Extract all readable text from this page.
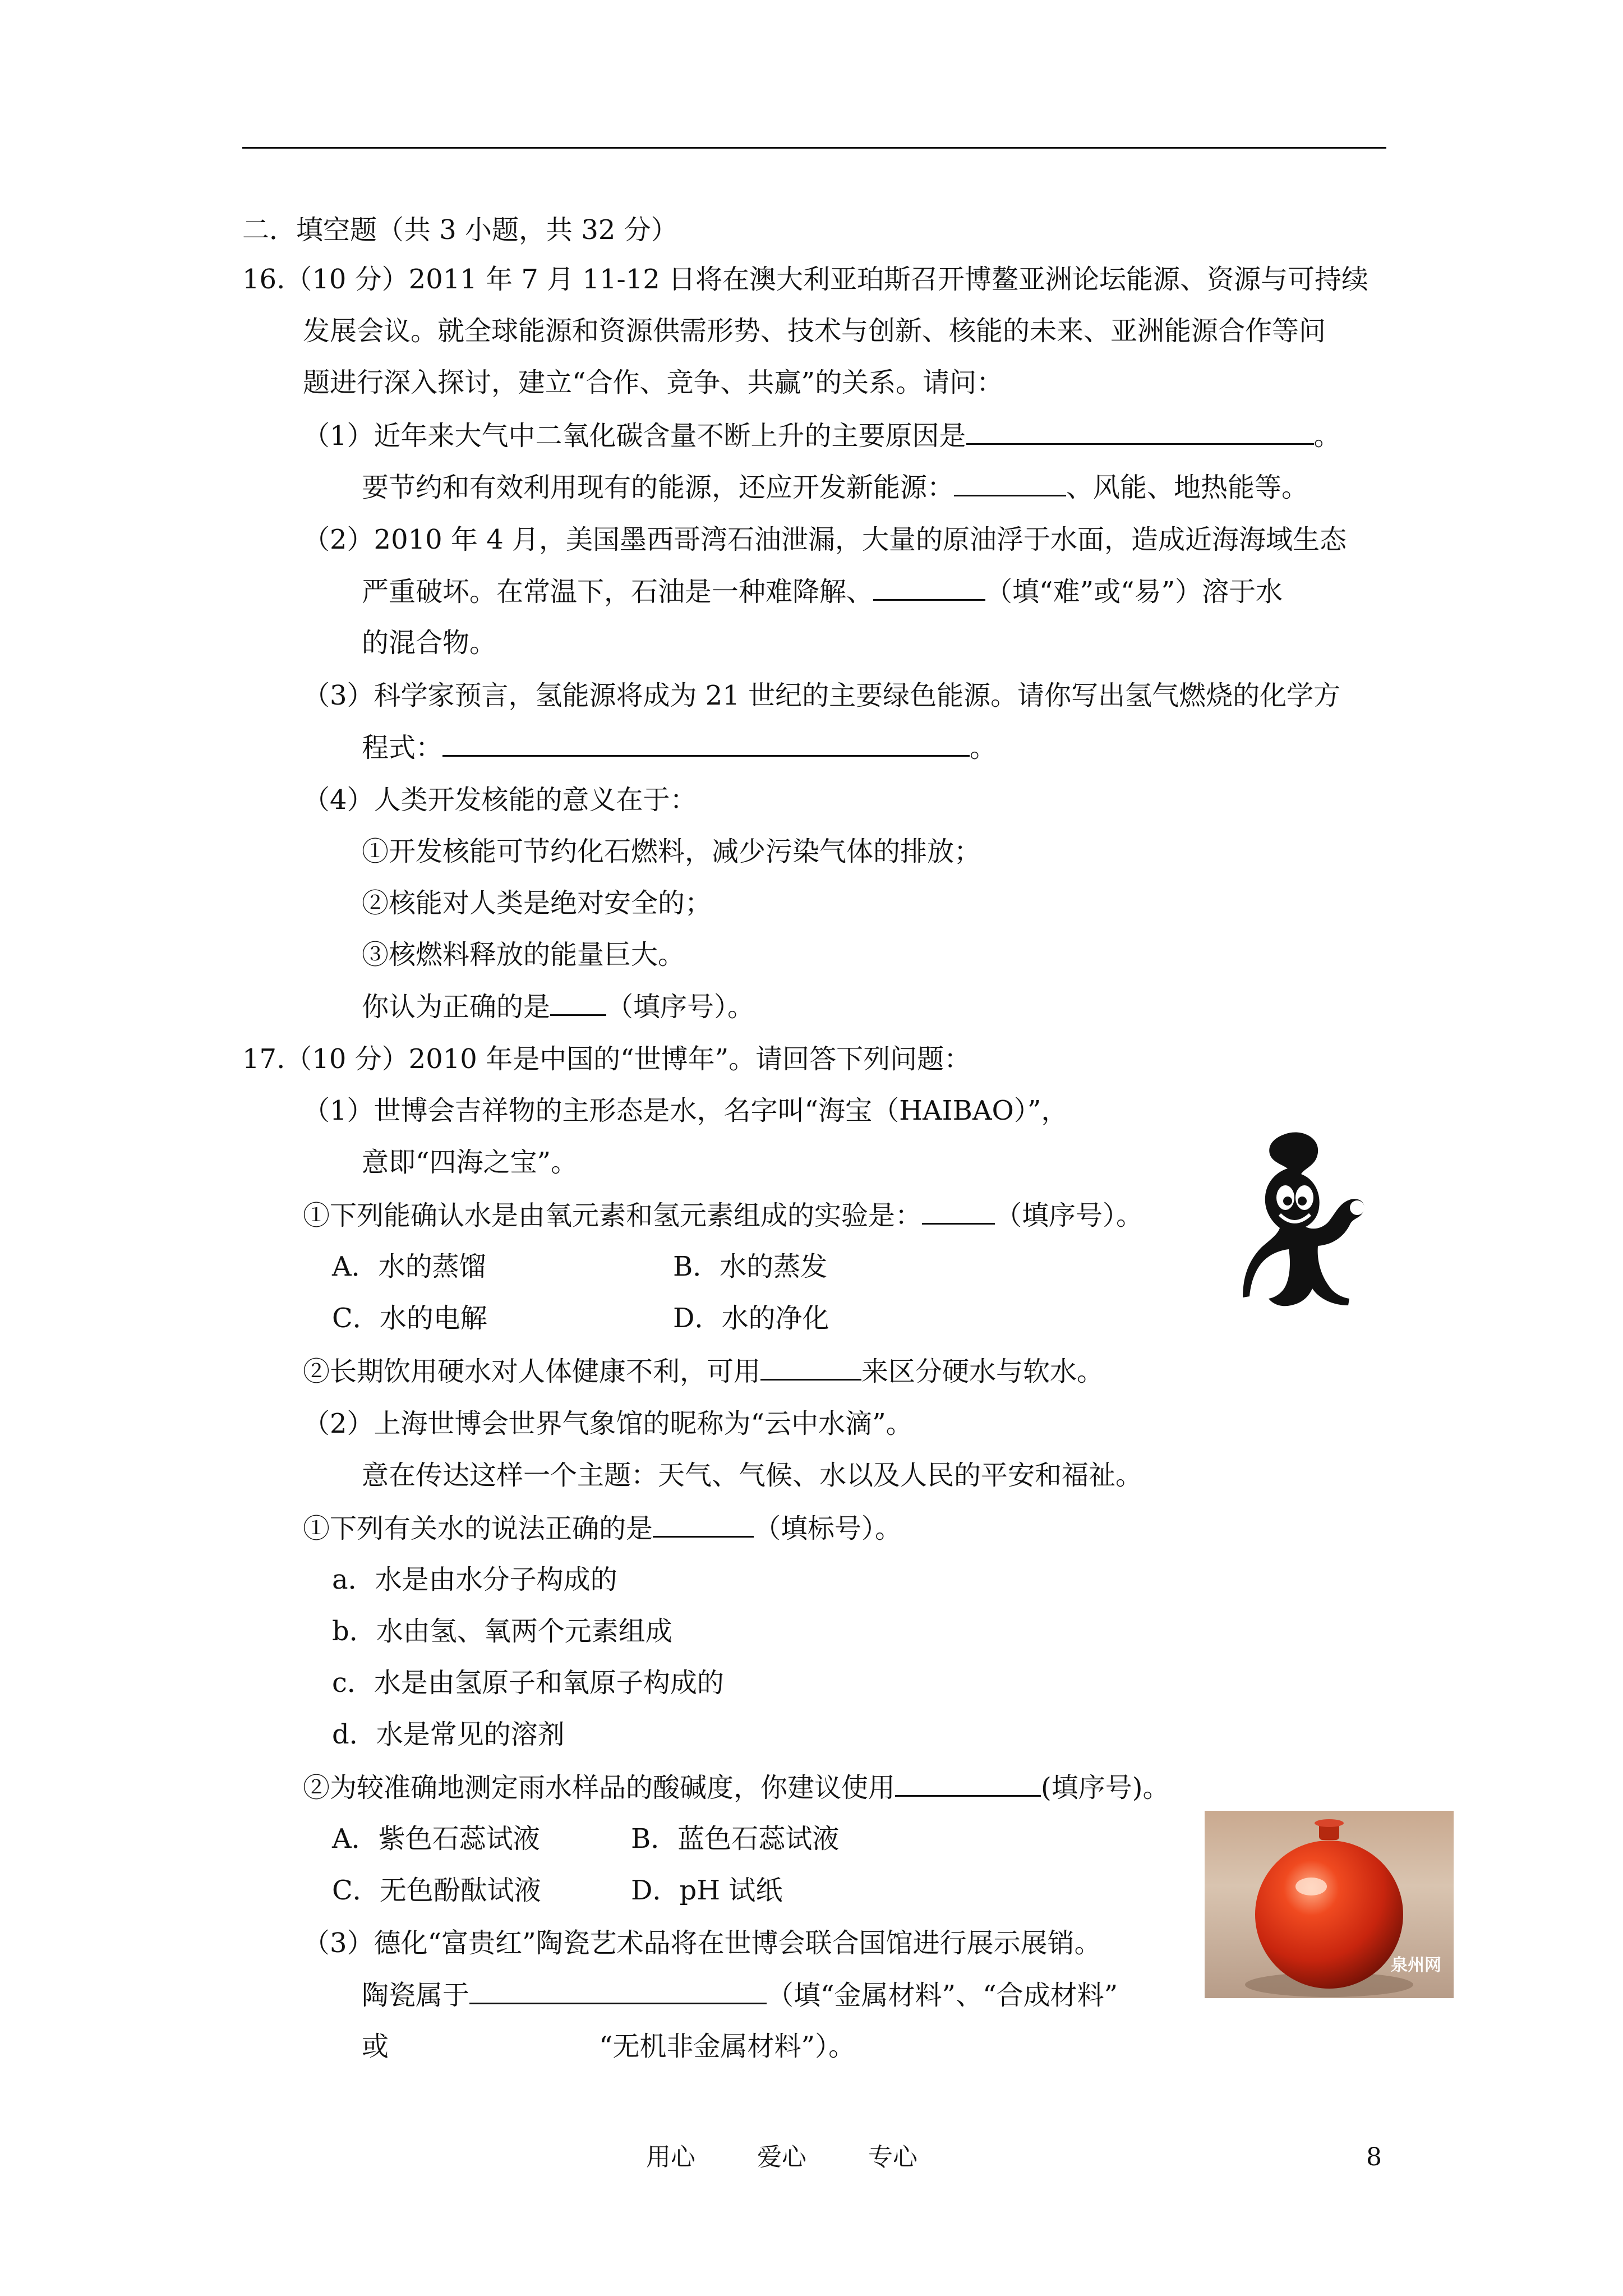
二．填空题（共 3 小题，共 32 分）
16.（10 分）2011 年 7 月 11-12 日将在澳大利亚珀斯召开博鳌亚洲论坛能源、资源与可持续
发展会议。就全球能源和资源供需形势、技术与创新、核能的未来、亚洲能源合作等问
题进行深入探讨，建立“合作、竞争、共赢”的关系。请问：
（1）近年来大气中二氧化碳含量不断上升的主要原因是	。
要节约和有效利用现有的能源，还应开发新能源：	、风能、地热能等。
（2）2010 年 4 月，美国墨西哥湾石油泄漏，大量的原油浮于水面，造成近海海域生态
严重破坏。在常温下，石油是一种难降解、	（填“难”或“易”）溶于水
的混合物。
（3）科学家预言，氢能源将成为 21 世纪的主要绿色能源。请你写出氢气燃烧的化学方
程式：	。
（4）人类开发核能的意义在于：
①开发核能可节约化石燃料，减少污染气体的排放；
②核能对人类是绝对安全的；
③核燃料释放的能量巨大。
你认为正确的是 （填序号）。
17.（10 分）2010 年是中国的“世博年”。请回答下列问题：
（1）世博会吉祥物的主形态是水，名字叫“海宝（HAIBAO）”，
意即“四海之宝”。
①下列能确认水是由氧元素和氢元素组成的实验是：	（填序号）。
A．水的蒸馏	B．水的蒸发
C．水的电解	D．水的净化
②长期饮用硬水对人体健康不利，可用	来区分硬水与软水。
（2）上海世博会世界气象馆的昵称为“云中水滴”。
意在传达这样一个主题：天气、气候、水以及人民的平安和福祉。
①下列有关水的说法正确的是	（填标号）。
a．水是由水分子构成的
b．水由氢、氧两个元素组成
c．水是由氢原子和氧原子构成的
d．水是常见的溶剂
②为较准确地测定雨水样品的酸碱度，你建议使用	(填序号)。
A．紫色石蕊试液	B．蓝色石蕊试液
C．无色酚酞试液	D．pH 试纸
（3）德化“富贵红”陶瓷艺术品将在世博会联合国馆进行展示展销。
陶瓷属于	（填“金属材料”、“合成材料”
或	“无机非金属材料”）。
泉州网
用心	爱心	专心	8
